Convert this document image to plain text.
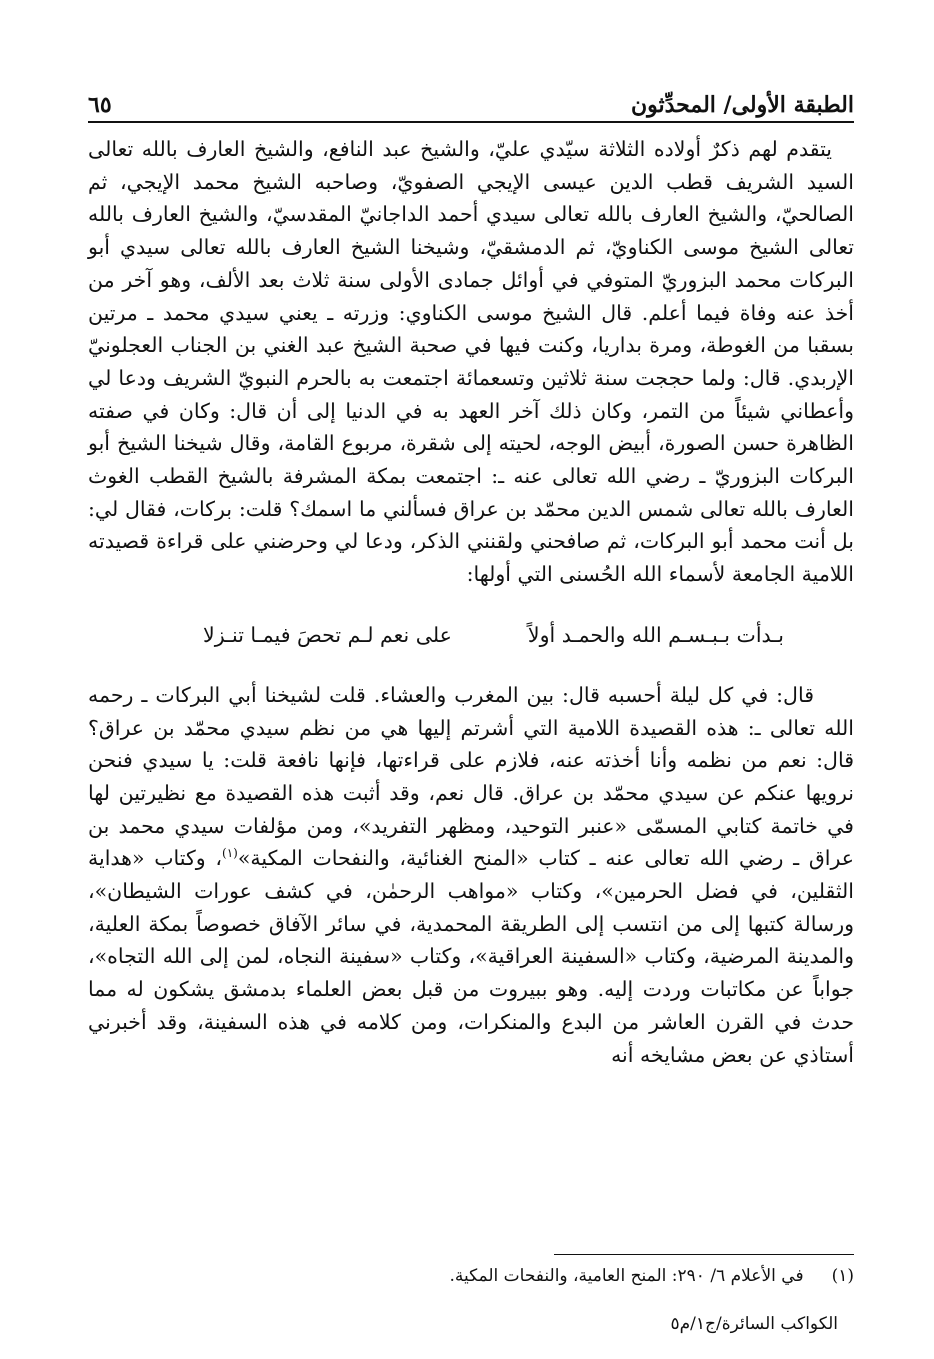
الطبقة الأولى/ المحدِّثون
٦٥

يتقدم لهم ذكرٌ أولاده الثلاثة سيّدي عليّ، والشيخ عبد النافع، والشيخ العارف بالله تعالى السيد الشريف قطب الدين عيسى الإيجي الصفويّ، وصاحبه الشيخ محمد الإيجي، ثم الصالحيّ، والشيخ العارف بالله تعالى سيدي أحمد الداجانيّ المقدسيّ، والشيخ العارف بالله تعالى الشيخ موسى الكناويّ، ثم الدمشقيّ، وشيخنا الشيخ العارف بالله تعالى سيدي أبو البركات محمد البزوريّ المتوفي في أوائل جمادى الأولى سنة ثلاث بعد الألف، وهو آخر من أخذ عنه وفاة فيما أعلم. قال الشيخ موسى الكناوي: وزرته ـ يعني سيدي محمد ـ مرتين بسقبا من الغوطة، ومرة بداريا، وكنت فيها في صحبة الشيخ عبد الغني بن الجناب العجلونيّ الإربدي. قال: ولما حججت سنة ثلاثين وتسعمائة اجتمعت به بالحرم النبويّ الشريف ودعا لي وأعطاني شيئاً من التمر، وكان ذلك آخر العهد به في الدنيا إلى أن قال: وكان في صفته الظاهرة حسن الصورة، أبيض الوجه، لحيته إلى شقرة، مربوع القامة، وقال شيخنا الشيخ أبو البركات البزوريّ ـ رضي الله تعالى عنه ـ: اجتمعت بمكة المشرفة بالشيخ القطب الغوث العارف بالله تعالى شمس الدين محمّد بن عراق فسألني ما اسمك؟ قلت: بركات، فقال لي: بل أنت محمد أبو البركات، ثم صافحني ولقنني الذكر، ودعا لي وحرضني على قراءة قصيدته اللامية الجامعة لأسماء الله الحُسنى التي أولها:

بـدأت بـبـسـم الله والحمـد أولاً
على نعم لـم تحصَ فيمـا تنـزلا

قال: في كل ليلة أحسبه قال: بين المغرب والعشاء. قلت لشيخنا أبي البركات ـ رحمه الله تعالى ـ: هذه القصيدة اللامية التي أشرتم إليها هي من نظم سيدي محمّد بن عراق؟ قال: نعم من نظمه وأنا أخذته عنه، فلازم على قراءتها، فإنها نافعة قلت: يا سيدي فنحن نرويها عنكم عن سيدي محمّد بن عراق. قال نعم، وقد أثبت هذه القصيدة مع نظيرتين لها في خاتمة كتابي المسمّى «عنبر التوحيد، ومظهر التفريد»، ومن مؤلفات سيدي محمد بن عراق ـ رضي الله تعالى عنه ـ كتاب «المنح الغنائية، والنفحات المكية»$^{(١)}$، وكتاب «هداية الثقلين، في فضل الحرمين»، وكتاب «مواهب الرحمٰن، في كشف عورات الشيطان»، ورسالة كتبها إلى من انتسب إلى الطريقة المحمدية، في سائر الآفاق خصوصاً بمكة العلية، والمدينة المرضية، وكتاب «السفينة العراقية»، وكتاب «سفينة النجاه، لمن إلى الله التجاه»، جواباً عن مكاتبات وردت إليه. وهو ببيروت من قبل بعض العلماء بدمشق يشكون له مما حدث في القرن العاشر من البدع والمنكرات، ومن كلامه في هذه السفينة، وقد أخبرني أستاذي عن بعض مشايخه أنه

(١)في الأعلام ٦/ ٢٩٠: المنح العامية، والنفحات المكية.
الكواكب السائرة/ج١/م٥
